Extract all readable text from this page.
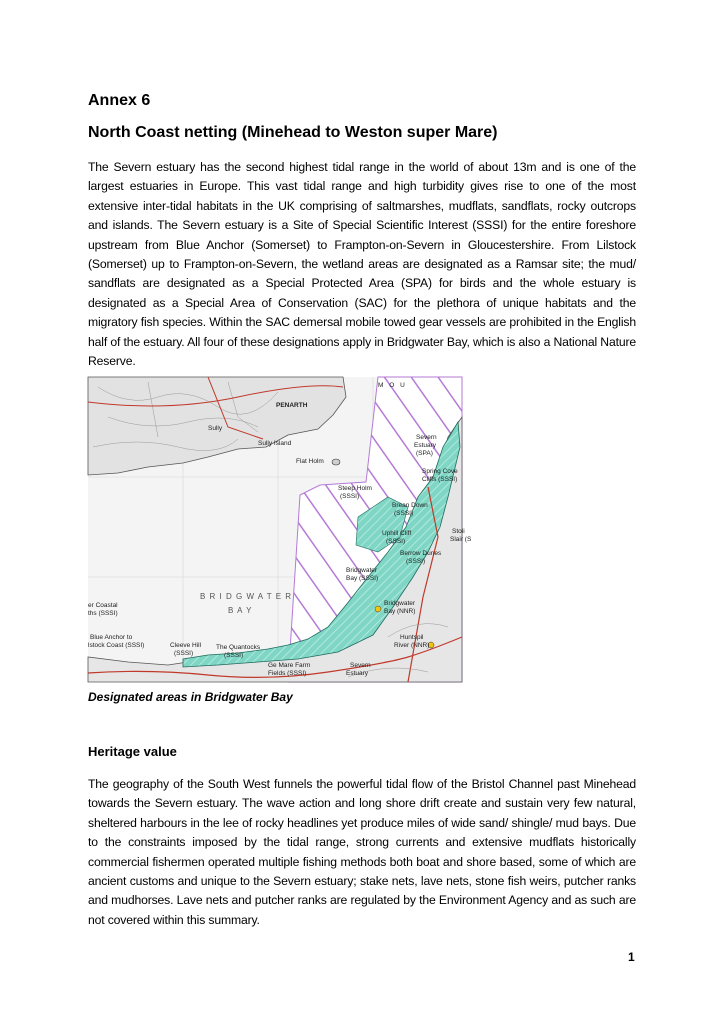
Annex 6
North Coast netting (Minehead to Weston super Mare)

The Severn estuary has the second highest tidal range in the world of about 13m and is one of the largest estuaries in Europe. This vast tidal range and high turbidity gives rise to one of the most extensive inter-tidal habitats in the UK comprising of saltmarshes, mudflats, sandflats, rocky outcrops and islands. The Severn estuary is a Site of Special Scientific Interest (SSSI) for the entire foreshore upstream from Blue Anchor (Somerset) to Frampton-on-Severn in Gloucestershire. From Lilstock (Somerset) up to Frampton-on-Severn, the wetland areas are designated as a Ramsar site; the mud/ sandflats are designated as a Special Protected Area (SPA) for birds and the whole estuary is designated as a Special Area of Conservation (SAC) for the plethora of unique habitats and the migratory fish species. Within the SAC demersal mobile towed gear vessels are prohibited in the English half of the estuary. All four of these designations apply in Bridgwater Bay, which is also a National Nature Reserve.

PENARTH
Sully
Sully Island
Flat Holm
M O U
Severn
Estuary
(SPA)
Spring Cove
Cliffs (SSSI)
Steep Holm
(SSSI)
Brean Down
(SSSI)
Uphill Cliff
(SSSI)
Berrow Dunes
(SSSI)
Bridgwater
Bay (SSSI)
Bridgwater
Bay (NNR)
Stoli
Slair (S
er Coastal
ths (SSSI)
Blue Anchor to
lstock Coast (SSSI)	Cleeve Hill
(SSSI)
The Quantocks
(SSSI)
Ge Mare Farm
Fields (SSSI)
Huntspil
River (NNR)
Severn
Estuary
B R I D G W A T E R
B A Y

Designated areas in Bridgwater Bay

Heritage value

The geography of the South West funnels the powerful tidal flow of the Bristol Channel past Minehead towards the Severn estuary. The wave action and long shore drift create and sustain very few natural, sheltered harbours in the lee of rocky headlines yet produce miles of wide sand/ shingle/ mud bays. Due to the constraints imposed by the tidal range, strong currents and extensive mudflats historically commercial fishermen operated multiple fishing methods both boat and shore based, some of which are ancient customs and unique to the Severn estuary; stake nets, lave nets, stone fish weirs, putcher ranks and mudhorses. Lave nets and putcher ranks are regulated by the Environment Agency and as such are not covered within this summary.

1
